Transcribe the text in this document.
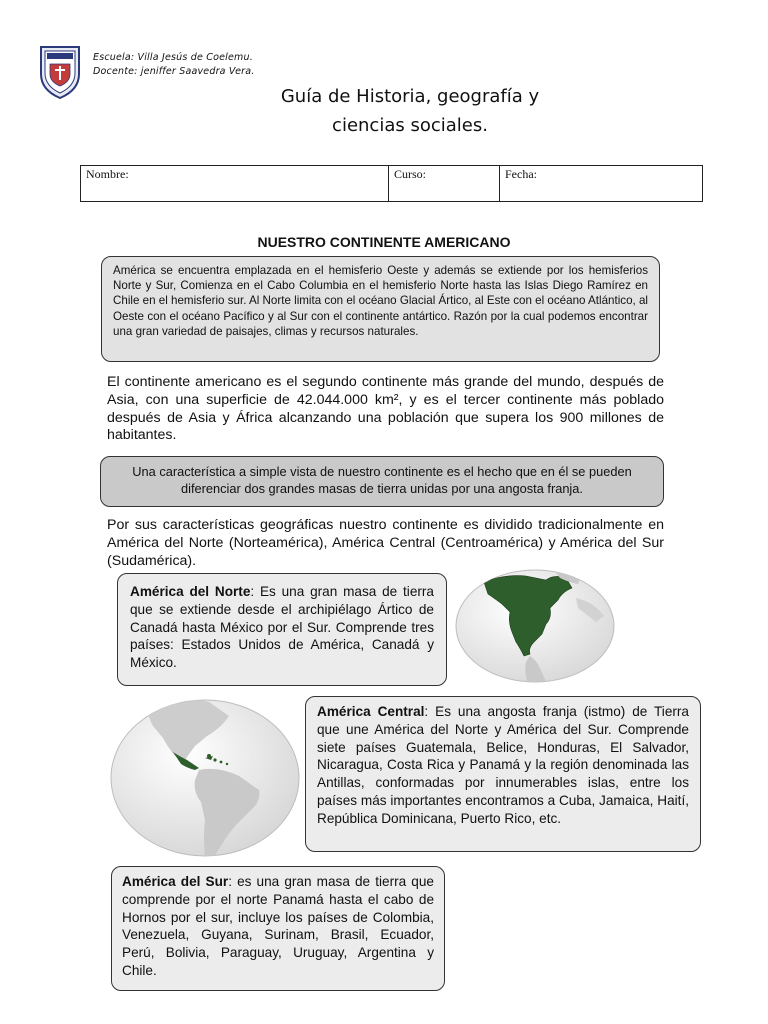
Escuela: Villa Jesús de Coelemu.
Docente: jeniffer Saavedra Vera.
Guía de Historia, geografía y
ciencias sociales.
Nombre:	Curso:	Fecha:
NUESTRO CONTINENTE AMERICANO
América se encuentra emplazada en el hemisferio Oeste y además se extiende por los hemisferios Norte y Sur, Comienza en el Cabo Columbia en el hemisferio Norte hasta las Islas Diego Ramírez en Chile en el hemisferio sur. Al Norte limita con el océano Glacial Ártico, al Este con el océano Atlántico, al Oeste con el océano Pacífico y al Sur con el continente antártico. Razón por la cual podemos encontrar una gran variedad de paisajes, climas y recursos naturales.
El continente americano es el segundo continente más grande del mundo, después de Asia, con una superficie de 42.044.000 km², y es el tercer continente más poblado después de Asia y África alcanzando una población que supera los 900 millones de habitantes.
Una característica a simple vista de nuestro continente es el hecho que en él se pueden diferenciar dos grandes masas de tierra unidas por una angosta franja.
Por sus características geográficas nuestro continente es dividido tradicionalmente en América del Norte (Norteamérica), América Central (Centroamérica) y América del Sur (Sudamérica).
América del Norte: Es una gran masa de tierra que se extiende desde el archipiélago Ártico de Canadá hasta México por el Sur. Comprende tres países: Estados Unidos de América, Canadá y México.
América Central: Es una angosta franja (istmo) de Tierra que une América del Norte y América del Sur. Comprende siete países Guatemala, Belice, Honduras, El Salvador, Nicaragua, Costa Rica y Panamá y la región denominada las Antillas, conformadas por innumerables islas, entre los países más importantes encontramos a Cuba, Jamaica, Haití, República Dominicana, Puerto Rico, etc.
América del Sur: es una gran masa de tierra que comprende por el norte Panamá hasta el cabo de Hornos por el sur, incluye los países de Colombia, Venezuela, Guyana, Surinam, Brasil, Ecuador, Perú, Bolivia, Paraguay, Uruguay, Argentina y Chile.
